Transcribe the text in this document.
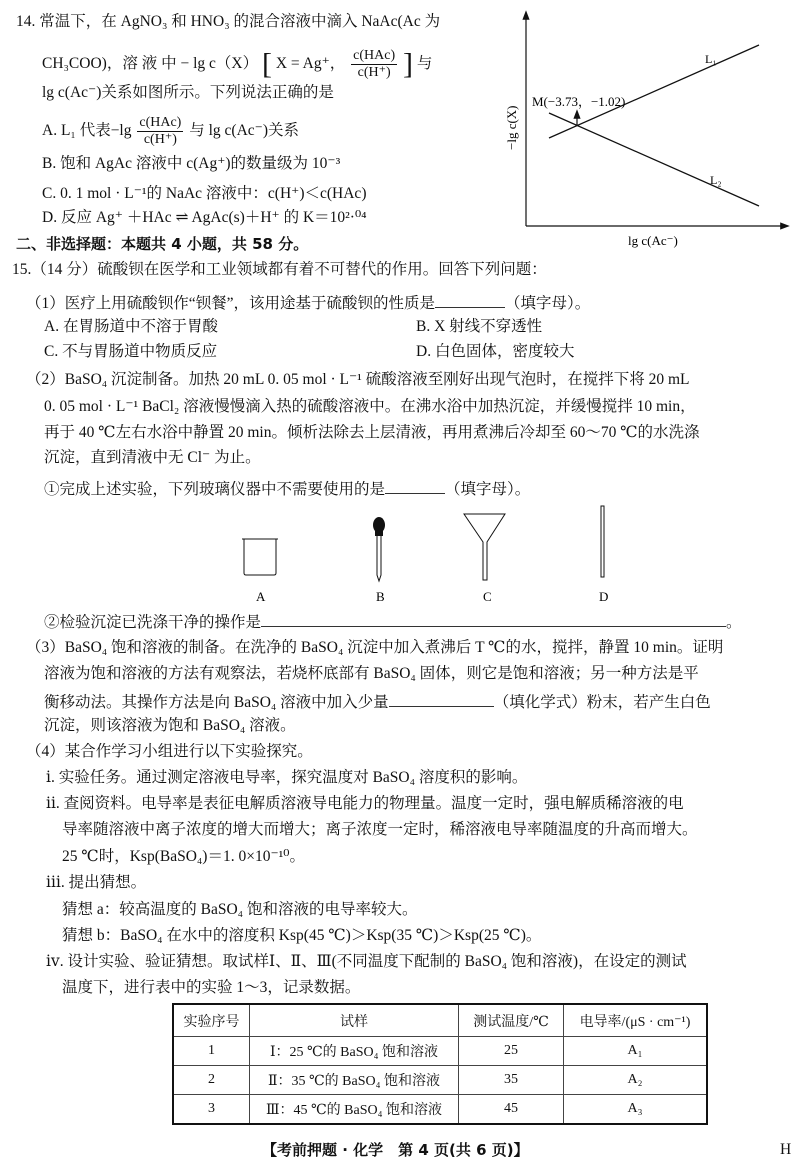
14. 常温下，在 AgNO₃ 和 HNO₃ 的混合溶液中滴入 NaAc(Ac 为
CH₃COO)，溶 液 中 − lg c（X） [ X = Ag⁺， $\frac{\text{c(HAc)}}{c(H^+)}$ ] 与
lg c(Ac⁻)关系如图所示。下列说法正确的是
A. L₁ 代表$-\lg \frac{\text{c(HAc)}}{c(H^+)}$ 与 lg c(Ac⁻)关系
B. 饱和 AgAc 溶液中 c(Ag⁺)的数量级为 10⁻³
C. 0. 1 mol · L⁻¹的 NaAc 溶液中：c(H⁺)＜c(HAc)
D. 反应 Ag⁺ ＋HAc ⇌ AgAc(s)＋H⁺ 的 K＝10²·⁰⁴
M(−3.73，−1.02)
L₁
L₂
lg c(Ac⁻)
−lg c(X)
二、非选择题：本题共 4 小题，共 58 分。
15.（14 分）硫酸钡在医学和工业领域都有着不可替代的作用。回答下列问题：
（1）医疗上用硫酸钡作“钡餐”，该用途基于硫酸钡的性质是	（填字母）。
A. 在胃肠道中不溶于胃酸	B. X 射线不穿透性
C. 不与胃肠道中物质反应	D. 白色固体，密度较大
（2）BaSO₄ 沉淀制备。加热 20 mL 0. 05 mol · L⁻¹ 硫酸溶液至刚好出现气泡时，在搅拌下将 20 mL
0. 05 mol · L⁻¹ BaCl₂ 溶液慢慢滴入热的硫酸溶液中。在沸水浴中加热沉淀，并缓慢搅拌 10 min，
再于 40 ℃左右水浴中静置 20 min。倾析法除去上层清液，再用煮沸后冷却至 60～70 ℃的水洗涤
沉淀，直到清液中无 Cl⁻ 为止。
①完成上述实验，下列玻璃仪器中不需要使用的是	（填字母）。
A	B	C	D
②检验沉淀已洗涤干净的操作是	。
（3）BaSO₄ 饱和溶液的制备。在洗净的 BaSO₄ 沉淀中加入煮沸后 T ℃的水，搅拌，静置 10 min。证明
溶液为饱和溶液的方法有观察法，若烧杯底部有 BaSO₄ 固体，则它是饱和溶液；另一种方法是平
衡移动法。其操作方法是向 BaSO₄ 溶液中加入少量	（填化学式）粉末，若产生白色
沉淀，则该溶液为饱和 BaSO₄ 溶液。
（4）某合作学习小组进行以下实验探究。
ⅰ. 实验任务。通过测定溶液电导率，探究温度对 BaSO₄ 溶度积的影响。
ⅱ. 查阅资料。电导率是表征电解质溶液导电能力的物理量。温度一定时，强电解质稀溶液的电
导率随溶液中离子浓度的增大而增大；离子浓度一定时，稀溶液电导率随温度的升高而增大。
25 ℃时，Ksp(BaSO₄)＝1. 0×10⁻¹⁰。
ⅲ. 提出猜想。
猜想 a：较高温度的 BaSO₄ 饱和溶液的电导率较大。
猜想 b：BaSO₄ 在水中的溶度积 Ksp(45 ℃)＞Ksp(35 ℃)＞Ksp(25 ℃)。
ⅳ. 设计实验、验证猜想。取试样Ⅰ、Ⅱ、Ⅲ(不同温度下配制的 BaSO₄ 饱和溶液)，在设定的测试
温度下，进行表中的实验 1～3，记录数据。
实验序号	试样	测试温度/℃	电导率/(μS · cm⁻¹)
1	Ⅰ：25 ℃的 BaSO₄ 饱和溶液	25	A₁
2	Ⅱ：35 ℃的 BaSO₄ 饱和溶液	35	A₂
3	Ⅲ：45 ℃的 BaSO₄ 饱和溶液	45	A₃
【考前押题 · 化学　第 4 页(共 6 页)】	H
